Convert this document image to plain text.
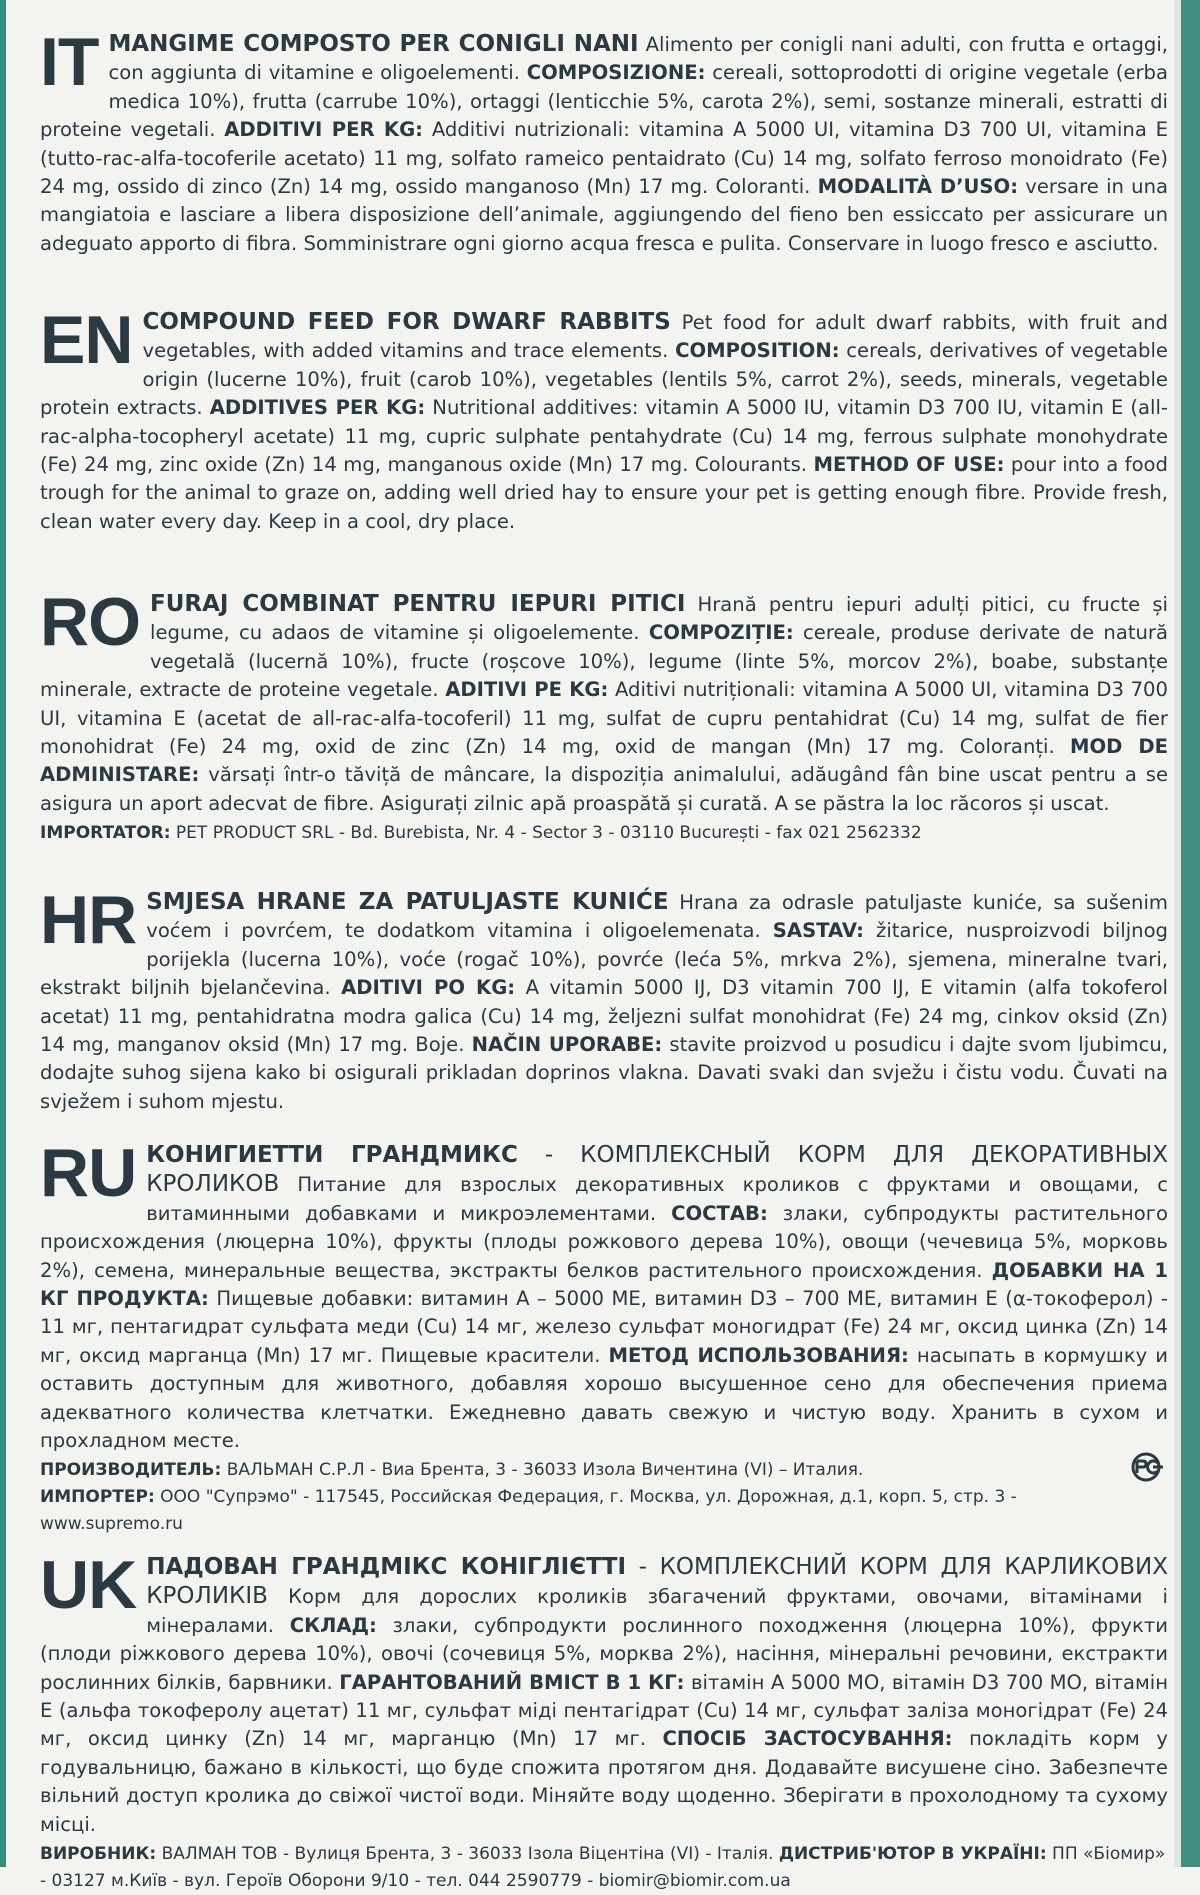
IT MANGIME COMPOSTO PER CONIGLI NANI Alimento per conigli nani adulti, con frutta e ortaggi, con aggiunta di vitamine e oligoelementi. COMPOSIZIONE: cereali, sottoprodotti di origine vegetale (erba medica 10%), frutta (carrube 10%), ortaggi (lenticchie 5%, carota 2%), semi, sostanze minerali, estratti di proteine vegetali. ADDITIVI PER KG: Additivi nutrizionali: vitamina A 5000 UI, vitamina D3 700 UI, vitamina E (tutto-rac-alfa-tocoferile acetato) 11 mg, solfato rameico pentaidrato (Cu) 14 mg, solfato ferroso monoidrato (Fe) 24 mg, ossido di zinco (Zn) 14 mg, ossido manganoso (Mn) 17 mg. Coloranti. MODALITÀ D’USO: versare in una mangiatoia e lasciare a libera disposizione dell’animale, aggiungendo del fieno ben essiccato per assicurare un adeguato apporto di fibra. Somministrare ogni giorno acqua fresca e pulita. Conservare in luogo fresco e asciutto.
EN COMPOUND FEED FOR DWARF RABBITS Pet food for adult dwarf rabbits, with fruit and vegetables, with added vitamins and trace elements. COMPOSITION: cereals, derivatives of vegetable origin (lucerne 10%), fruit (carob 10%), vegetables (lentils 5%, carrot 2%), seeds, minerals, vegetable protein extracts. ADDITIVES PER KG: Nutritional additives: vitamin A 5000 IU, vitamin D3 700 IU, vitamin E (all-rac-alpha-tocopheryl acetate) 11 mg, cupric sulphate pentahydrate (Cu) 14 mg, ferrous sulphate monohydrate (Fe) 24 mg, zinc oxide (Zn) 14 mg, manganous oxide (Mn) 17 mg. Colourants. METHOD OF USE: pour into a food trough for the animal to graze on, adding well dried hay to ensure your pet is getting enough fibre. Provide fresh, clean water every day. Keep in a cool, dry place.
RO FURAJ COMBINAT PENTRU IEPURI PITICI Hrană pentru iepuri adulți pitici, cu fructe și legume, cu adaos de vitamine și oligoelemente. COMPOZIȚIE: cereale, produse derivate de natură vegetală (lucernă 10%), fructe (roșcove 10%), legume (linte 5%, morcov 2%), boabe, substanțe minerale, extracte de proteine vegetale. ADITIVI PE KG: Aditivi nutriționali: vitamina A 5000 UI, vitamina D3 700 UI, vitamina E (acetat de all-rac-alfa-tocoferil) 11 mg, sulfat de cupru pentahidrat (Cu) 14 mg, sulfat de fier monohidrat (Fe) 24 mg, oxid de zinc (Zn) 14 mg, oxid de mangan (Mn) 17 mg. Coloranți. MOD DE ADMINISTARE: vărsați într-o tăviță de mâncare, la dispoziția animalului, adăugând fân bine uscat pentru a se asigura un aport adecvat de fibre. Asigurați zilnic apă proaspătă și curată. A se păstra la loc răcoros și uscat.
IMPORTATOR: PET PRODUCT SRL - Bd. Burebista, Nr. 4 - Sector 3 - 03110 București - fax 021 2562332
HR SMJESA HRANE ZA PATULJASTE KUNIĆE Hrana za odrasle patuljaste kuniće, sa sušenim voćem i povrćem, te dodatkom vitamina i oligoelemenata. SASTAV: žitarice, nusproizvodi biljnog porijekla (lucerna 10%), voće (rogač 10%), povrće (leća 5%, mrkva 2%), sjemena, mineralne tvari, ekstrakt biljnih bjelančevina. ADITIVI PO KG: A vitamin 5000 IJ, D3 vitamin 700 IJ, E vitamin (alfa tokoferol acetat) 11 mg, pentahidratna modra galica (Cu) 14 mg, željezni sulfat monohidrat (Fe) 24 mg, cinkov oksid (Zn) 14 mg, manganov oksid (Mn) 17 mg. Boje. NAČIN UPORABE: stavite proizvod u posudicu i dajte svom ljubimcu, dodajte suhog sijena kako bi osigurali prikladan doprinos vlakna. Davati svaki dan svježu i čistu vodu. Čuvati na svježem i suhom mjestu.
RU КОНИГИЕТТИ ГРАНДМИКС - КОМПЛЕКСНЫЙ КОРМ ДЛЯ ДЕКОРАТИВНЫХ КРОЛИКОВ Питание для взрослых декоративных кроликов с фруктами и овощами, с витаминными добавками и микроэлементами. СОСТАВ: злаки, субпродукты растительного происхождения (люцерна 10%), фрукты (плоды рожкового дерева 10%), овощи (чечевица 5%, морковь 2%), семена, минеральные вещества, экстракты белков растительного происхождения. ДОБАВКИ НА 1 КГ ПРОДУКТА: Пищевые добавки: витамин A – 5000 ME, витамин D3 – 700 ME, витамин E (α-токоферол) - 11 мг, пентагидрат сульфата меди (Cu) 14 мг, железо сульфат моногидрат (Fe) 24 мг, оксид цинка (Zn) 14 мг, оксид марганца (Mn) 17 мг. Пищевые красители. МЕТОД ИСПОЛЬЗОВАНИЯ: насыпать в кормушку и оставить доступным для животного, добавляя хорошо высушенное сено для обеспечения приема адекватного количества клетчатки. Ежедневно давать свежую и чистую воду. Хранить в сухом и прохладном месте.
ПРОИЗВОДИТЕЛЬ: ВАЛЬМАН С.Р.Л - Виа Брента, 3 - 36033 Изола Вичентина (VI) – Италия.
ИМПОРТЕР: ООО "Супрэмо" - 117545, Российская Федерация, г. Москва, ул. Дорожная, д.1, корп. 5, стр. 3 -
www.supremo.ru
UK ПАДОВАН ГРАНДМІКС КОНІГЛІЄТТІ - КОМПЛЕКСНИЙ КОРМ ДЛЯ КАРЛИКОВИХ КРОЛИКІВ Корм для дорослих кроликів збагачений фруктами, овочами, вітамінами і мінералами. СКЛАД: злаки, субпродукти рослинного походження (люцерна 10%), фрукти (плоди ріжкового дерева 10%), овочі (сочевиця 5%, морква 2%), насіння, мінеральні речовини, екстракти рослинних білків, барвники. ГАРАНТОВАНИЙ ВМІСТ В 1 КГ: вітамін A 5000 MO, вітамін D3 700 MO, вітамін E (альфа токоферолу ацетат) 11 мг, сульфат міді пентагідрат (Cu) 14 мг, сульфат заліза моногідрат (Fe) 24 мг, оксид цинку (Zn) 14 мг, марганцю (Mn) 17 мг. СПОСІБ ЗАСТОСУВАННЯ: покладіть корм у годувальницю, бажано в кількості, що буде спожита протягом дня. Додавайте висушене сіно. Забезпечте вільний доступ кролика до свіжої чистої води. Міняйте воду щоденно. Зберігати в прохолодному та сухому місці.
ВИРОБНИК: ВАЛМАН ТОВ - Вулиця Брента, 3 - 36033 Ізола Віцентіна (VI) - Італія. ДИСТРИБ'ЮТОР В УКРАЇНІ: ПП «Біомир» - 03127 м.Київ - вул. Героїв Оборони 9/10 - тел. 044 2590779 - biomir@biomir.com.ua
